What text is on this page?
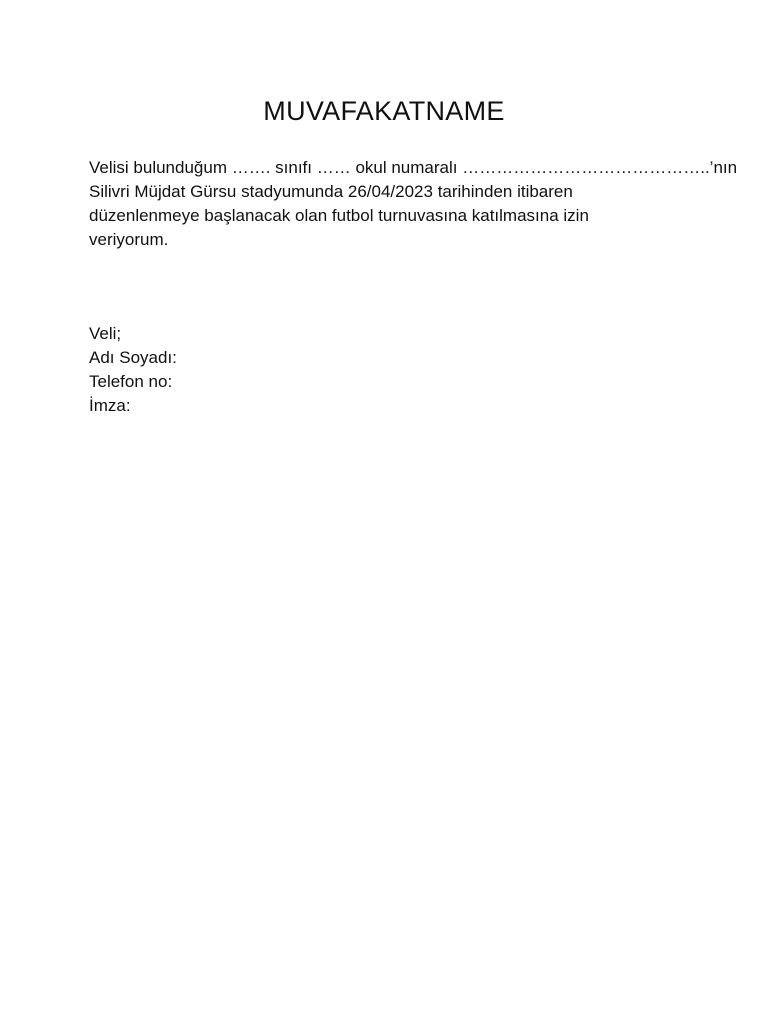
MUVAFAKATNAME

Velisi bulunduğum ……. sınıfı …… okul numaralı ……………………………………..’nın
Silivri Müjdat Gürsu stadyumunda 26/04/2023 tarihinden itibaren
düzenlenmeye başlanacak olan futbol turnuvasına katılmasına izin
veriyorum.

Veli;
Adı Soyadı:
Telefon no:
İmza:
